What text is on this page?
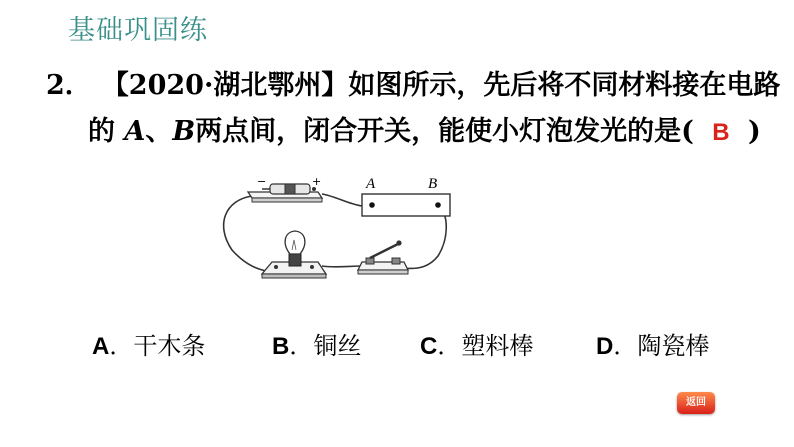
基础巩固练
2． 【2020·湖北鄂州】如图所示，先后将不同材料接在电路
的 A、B两点间，闭合开关，能使小灯泡发光的是( B )
−	+	A	B
A．干木条	B．铜丝 C．塑料棒	D．陶瓷棒
返回
